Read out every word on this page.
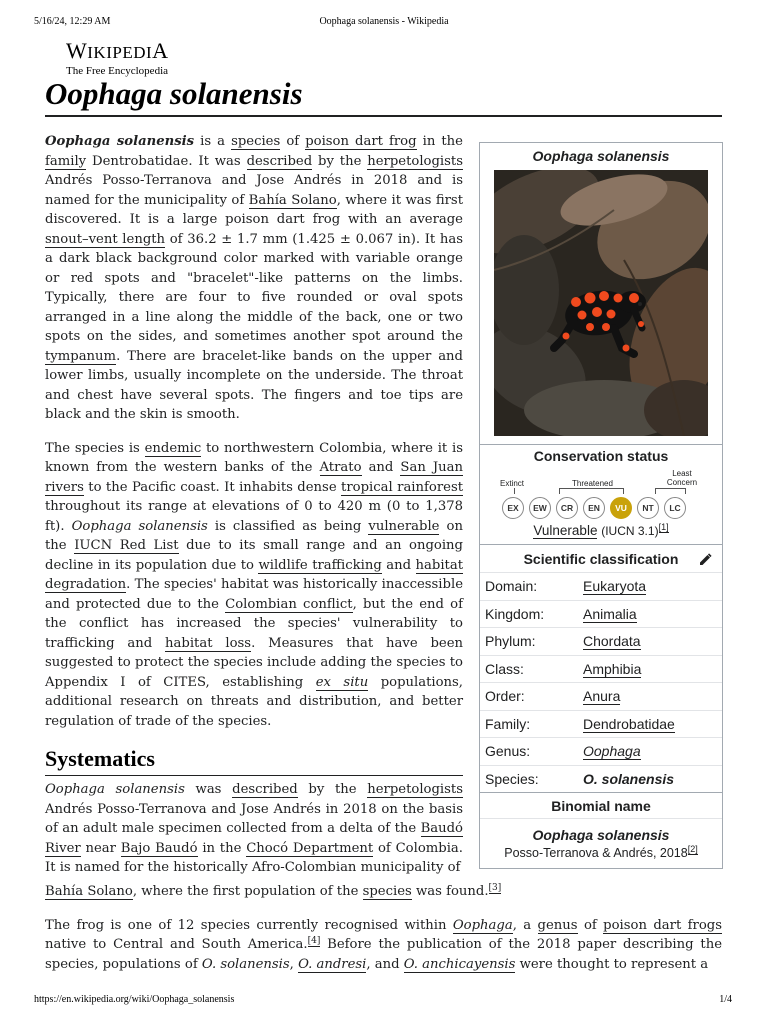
5/16/24, 12:29 AM	Oophaga solanensis - Wikipedia
WIKIPEDIA
The Free Encyclopedia
Oophaga solanensis

Oophaga solanensis is a species of poison dart frog in the family Dentrobatidae. It was described by the herpetologists Andrés Posso-Terranova and Jose Andrés in 2018 and is named for the municipality of Bahía Solano, where it was first discovered. It is a large poison dart frog with an average snout–vent length of 36.2 ± 1.7 mm (1.425 ± 0.067 in). It has a dark black background color marked with variable orange or red spots and "bracelet"-like patterns on the limbs. Typically, there are four to five rounded or oval spots arranged in a line along the middle of the back, one or two spots on the sides, and sometimes another spot around the tympanum. There are bracelet-like bands on the upper and lower limbs, usually incomplete on the underside. The throat and chest have several spots. The fingers and toe tips are black and the skin is smooth.

The species is endemic to northwestern Colombia, where it is known from the western banks of the Atrato and San Juan rivers to the Pacific coast. It inhabits dense tropical rainforest throughout its range at elevations of 0 to 420 m (0 to 1,378 ft). Oophaga solanensis is classified as being vulnerable on the IUCN Red List due to its small range and an ongoing decline in its population due to wildlife trafficking and habitat degradation. The species' habitat was historically inaccessible and protected due to the Colombian conflict, but the end of the conflict has increased the species' vulnerability to trafficking and habitat loss. Measures that have been suggested to protect the species include adding the species to Appendix I of CITES, establishing ex situ populations, additional research on threats and distribution, and better regulation of trade of the species.

Systematics

Oophaga solanensis was described by the herpetologists Andrés Posso-Terranova and Jose Andrés in 2018 on the basis of an adult male specimen collected from a delta of the Baudó River near Bajo Baudó in the Chocó Department of Colombia. It is named for the historically Afro-Colombian municipality of

Bahía Solano, where the first population of the species was found.[3]

The frog is one of 12 species currently recognised within Oophaga, a genus of poison dart frogs native to Central and South America.[4] Before the publication of the 2018 paper describing the species, populations of O. solanensis, O. andresi, and O. anchicayensis were thought to represent a

Oophaga solanensis
Conservation status
Extinct	Threatened
Least
Concern
EX	EW	CR	EN	VU	NT	LC
Vulnerable (IUCN 3.1)[1]
Scientific classification
Domain:	Eukaryota
Kingdom:	Animalia
Phylum:	Chordata
Class:	Amphibia
Order:	Anura
Family:	Dendrobatidae
Genus:	Oophaga
Species:	O. solanensis
Binomial name
Oophaga solanensis
Posso-Terranova & Andrés, 2018[2]
https://en.wikipedia.org/wiki/Oophaga_solanensis	1/4
